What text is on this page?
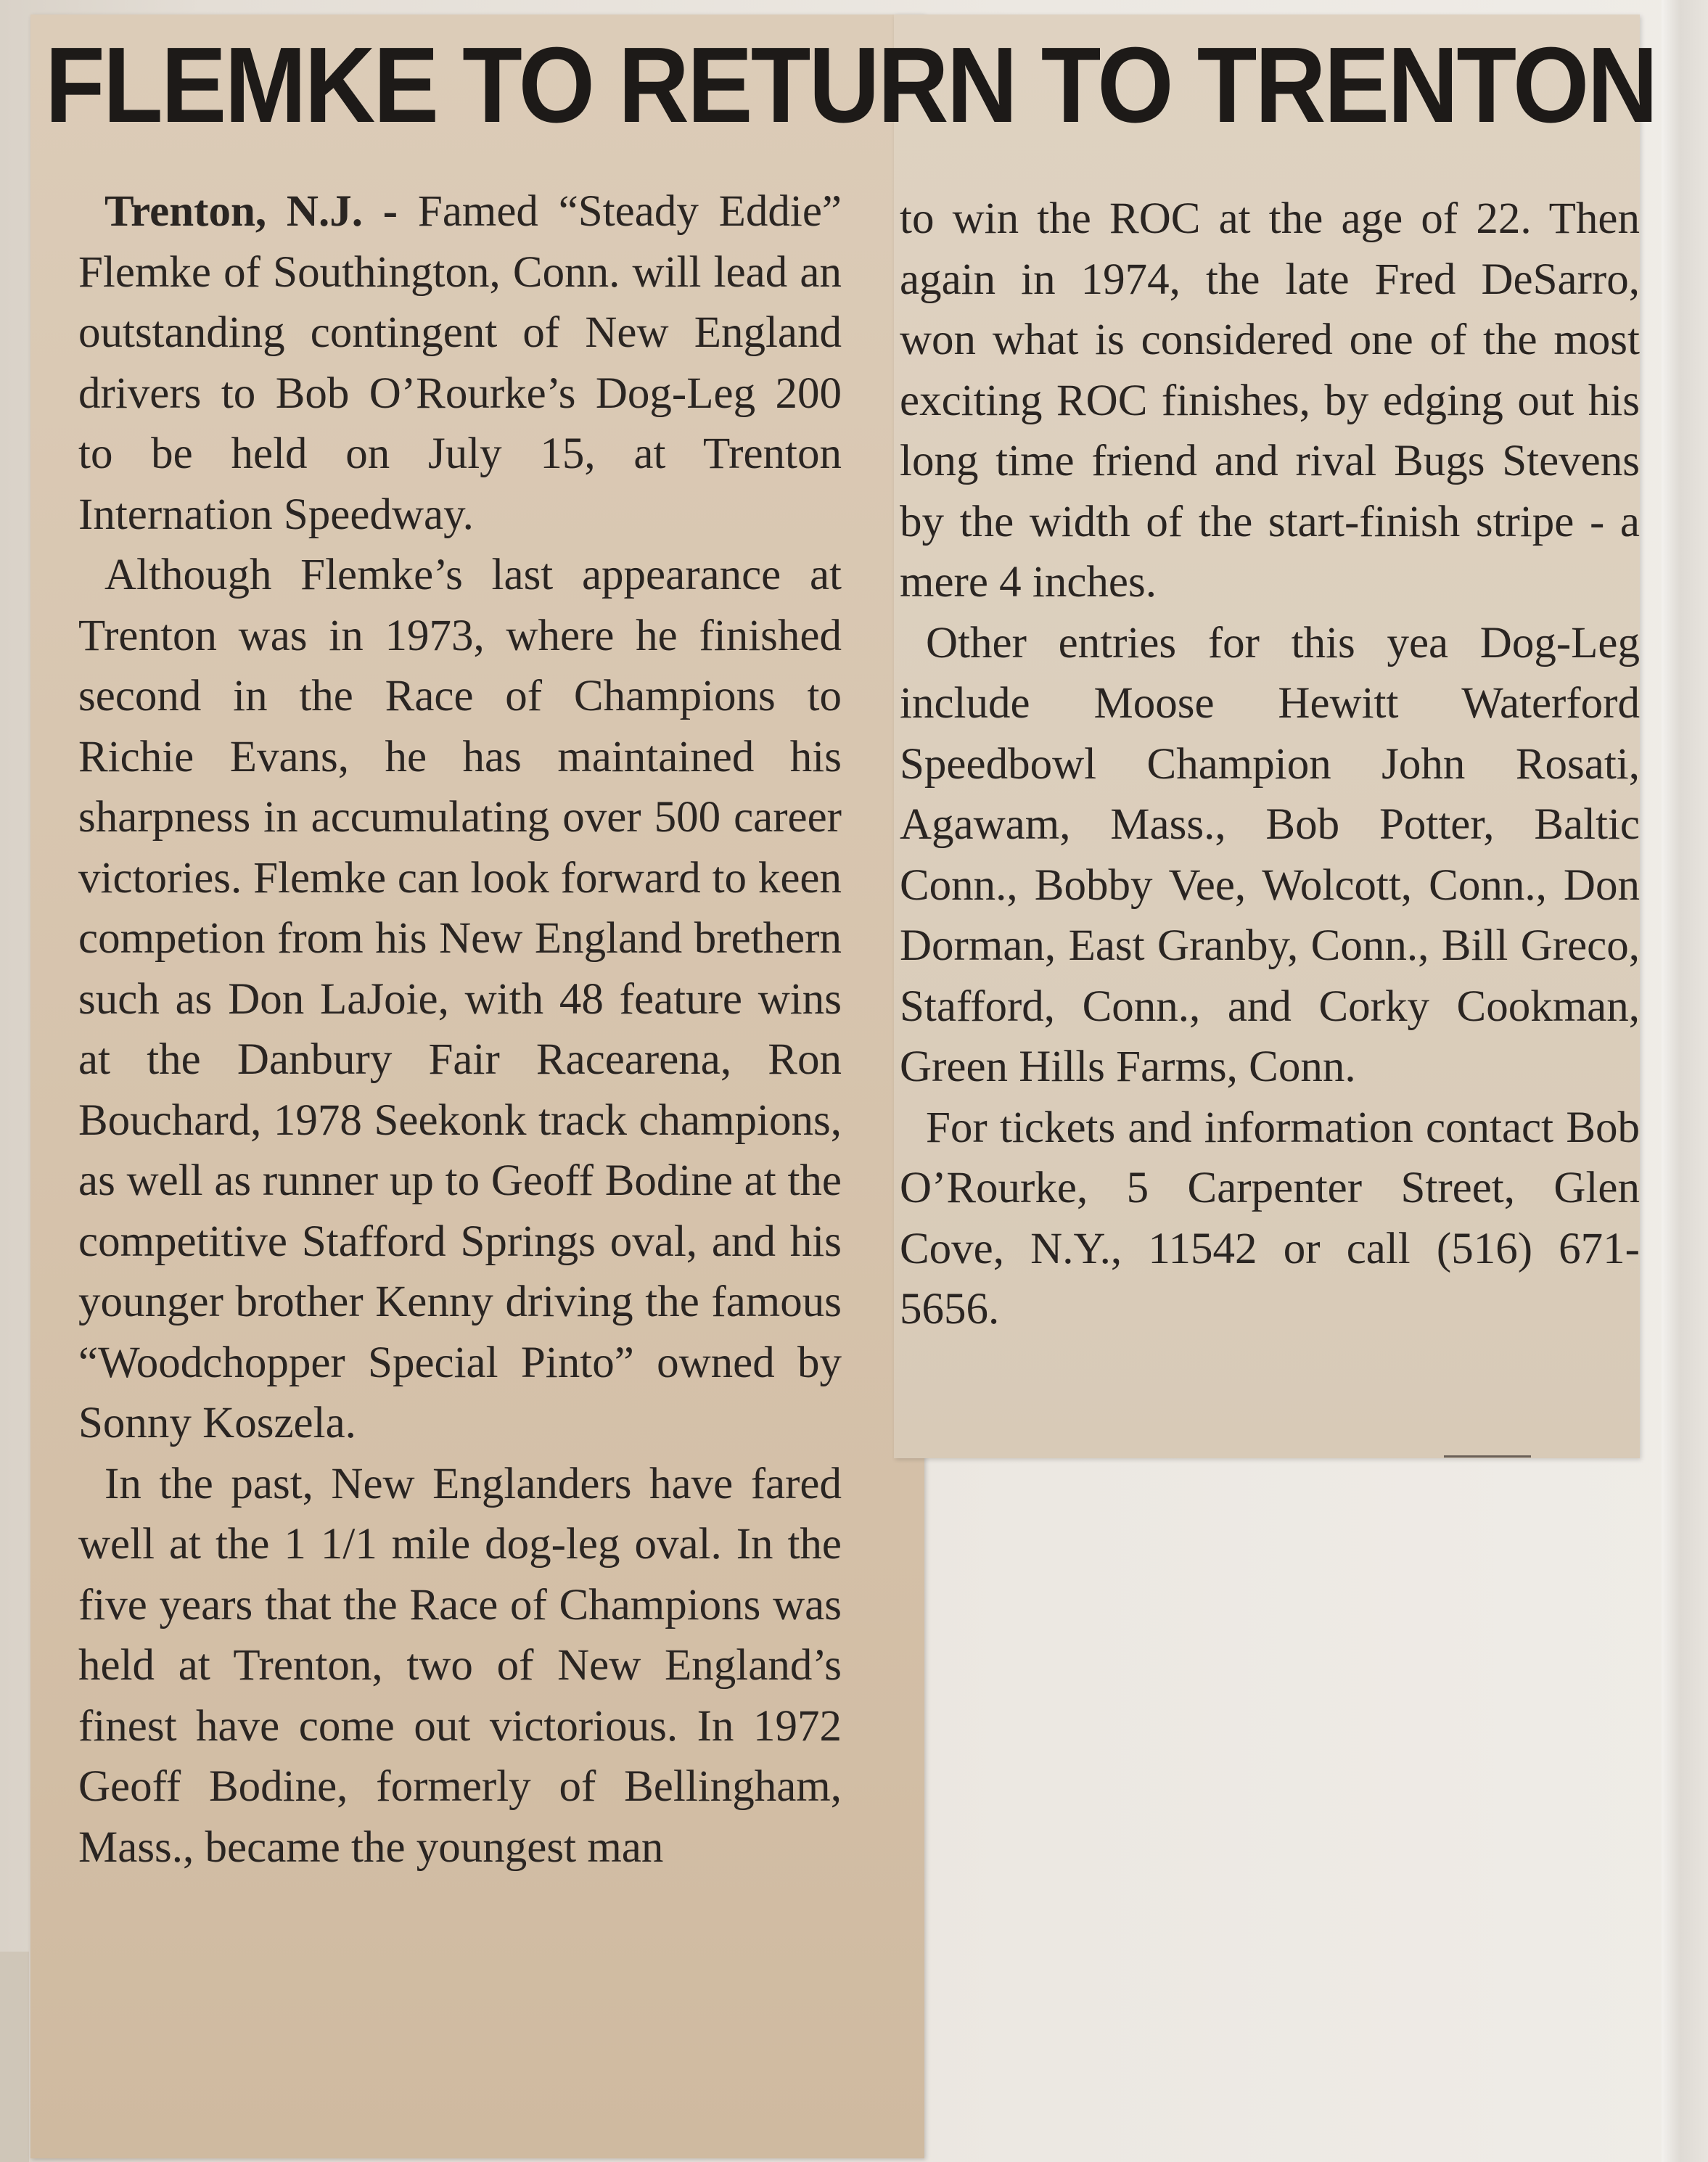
FLEMKE TO RETURN TO TRENTON

Trenton, N.J. - Famed “Steady Eddie” Flemke of Southington, Conn. will lead an outstanding contingent of New England drivers to Bob O’Rourke’s Dog-Leg 200 to be held on July 15, at Trenton Internation Speedway.

Although Flemke’s last appearance at Trenton was in 1973, where he finished second in the Race of Champions to Richie Evans, he has maintained his sharpness in accumulating over 500 career victories. Flemke can look forward to keen competion from his New England brethern such as Don LaJoie, with 48 feature wins at the Danbury Fair Racearena, Ron Bouchard, 1978 Seekonk track champions, as well as runner up to Geoff Bodine at the competitive Stafford Springs oval, and his younger brother Kenny driving the famous “Woodchopper Special Pinto” owned by Sonny Koszela.

In the past, New Englanders have fared well at the 1 1/1 mile dog-leg oval. In the five years that the Race of Champions was held at Trenton, two of New England’s finest have come out victorious. In 1972 Geoff Bodine, formerly of Bellingham, Mass., became the youngest man

to win the ROC at the age of 22. Then again in 1974, the late Fred DeSarro, won what is considered one of the most exciting ROC finishes, by edging out his long time friend and rival Bugs Stevens by the width of the start-finish stripe - a mere 4 inches.

Other entries for this yea Dog-Leg include Moose Hewitt Waterford Speedbowl Champion John Rosati, Agawam, Mass., Bob Potter, Baltic Conn., Bobby Vee, Wolcott, Conn., Don Dorman, East Granby, Conn., Bill Greco, Stafford, Conn., and Corky Cookman, Green Hills Farms, Conn.

For tickets and information contact Bob O’Rourke, 5 Carpenter Street, Glen Cove, N.Y., 11542 or call (516) 671-5656.
